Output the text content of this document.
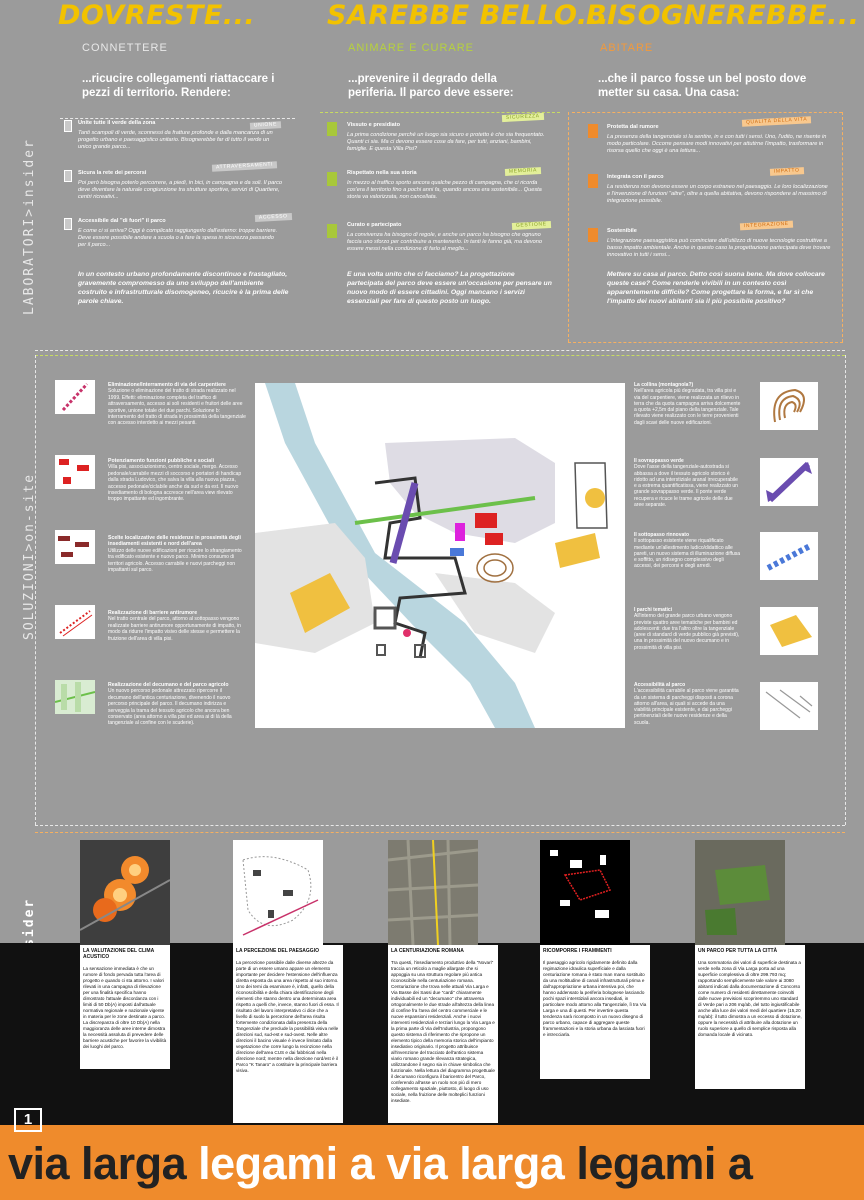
DOVRESTE...	SAREBBE BELLO...
BISOGNEREBBE...
CONNETTERE	ANIMARE E CURARE	ABITARE
...ricucire collegamenti riattaccare i pezzi di territorio. Rendere:
...prevenire il degrado della periferia. Il parco deve essere:
...che il parco fosse un bel posto dove metter su casa. Una casa:
Unite tutte il verde della zona
Tanti scampoli di verde, sconnessi da fratture profonde e dalla mancanza di un progetto urbano e paesaggistico unitario. Bisognerebbe far di tutto il verde un unico grande parco...
UNIONE
Sicura la rete dei percorsi
Poi però bisogna poterlo percorrere, a piedi, in bici, in campagna e da soli. Il parco deve diventare la naturale congiunzione tra strutture sportive, servizi di Quartiere, centri ricreativi...
ATTRAVERSAMENTI
Accessibile dal "di fuori" il parco
E come ci si arriva? Oggi è complicato raggiungerlo dall'esterno: troppe barriere. Deve essere possibile andare a scuola o a fare la spesa in sicurezza passando per il parco...
ACCESSO
In un contesto urbano profondamente discontinuo e frastagliato, gravemente compromesso da uno sviluppo dell'ambiente costruito e infrastrutturale disomogeneo, ricucire è la prima delle parole chiave.
Vissuto e presidiato
La prima condizione perché un luogo sia sicuro e protetto è che sia frequentato. Quanti ci sia. Ma ci devono essere cose da fare, per tutti, anziani, bambini, famiglie. E questa Villa Pisi?
SICUREZZA
Rispettato nella sua storia
In mezzo al traffico sporto ancora qualche pezzo di campagna, che ci ricorda cos'era il territorio fino a pochi anni fa, quando ancora era sostenibile... Questa storia va valorizzata, non cancellata.
MEMORIA
Curato e partecipato
La convivenza ha bisogno di regole, e anche un parco ha bisogno che ognuno faccia uno sforzo per contribuire a mantenerlo. In tanti le fanno già, ma devono essere messi nella condizione di farlo al meglio...
GESTIONE
E una volta unito che ci facciamo? La progettazione partecipata del parco deve essere un'occasione per pensare un nuovo modo di essere cittadini. Oggi mancano i servizi essenziali per fare di questo posto un luogo.
Protetta dal rumore
La presenza della tangenziale si la sentire, in e con tutti i sensi. Uno, l'udito, ne risente in modo particolare. Occorre pensare modi innovativi per attutirne l'impatto, trasformare in risorsa quello che oggi è una lettura...
QUALITÀ DELLA VITA
Integrata con il parco
La residenza non devono essere un corpo estraneo nel paesaggio. Le loro localizzazione e l'invenzione di funzioni "altre", oltre a quella abitativa, devono rispondere al massimo di integrazione possibile.
IMPATTO
Sostenibile
L'integrazione paesaggistica può cominciare dall'utilizzo di nuove tecnologie costruttive a basso impatto ambientale. Anche in questo caso la progettazione partecipata deve trovare innovativo in tutti i sensi...
INTEGRAZIONE
Mettere su casa al parco. Detto così suona bene. Ma dove collocare queste case? Come renderle vivibili in un contesto così apparentemente difficile? Come progettare la forma, e far sì che l'impatto dei nuovi abitanti sia il più possibile positivo?
LABORATORI>insider
SOLUZIONI>on-site
Eliminazione/Interramento di via del carpentiere
Soluzione o eliminazione del tratto di strada realizzato nel 1999. Effetti: eliminazione completa del traffico di attraversamento, accesso ai soli residenti e fruitori delle aree sportive, unione totale dei due parchi. Soluzione b: interramento del tratto di strada in prossimità della tangenziale con accesso interdetto ai mezzi pesanti.
Potenziamento funzioni pubbliche e sociali
Villa pisi, associazionismo, centro sociale, mergo. Accesso pedonale/carrabile mezzi di soccorso e portatori di handicap dalla strada Ludovico, che salva la villa alla nuova piazza, accesso pedonale/ciclabile anche da sud e da est. Il nuovo insediamento di bologna accresce nell'area view rilevato troppo impattante ed ingombrante.
Scelte localizzative delle residenze in prossimità degli insediamenti esistenti e nord dell'area
Utilizzo delle nuove edificazioni per ricucire lo sfrangiamento tra edificato esistente e nuovo parco. Minimo consumo di territori agricolo. Accesso carrabile e nuovi parcheggi non impattanti sul parco.
Realizzazione di barriere antirumore
Nel tratto centrale del parco, attorno al sottopasso vengono realizzate barriere antirumore opportunamente di impatto, in modo da ridurre l'impatto visivo delle stesse e permettere la fruizione dell'area di villa pisi.
Realizzazione del decumano e del parco agricolo
Un nuovo percorso pedonale attrezzato ripercorre il decumano dell'antica centuriazione, divenendo il nuovo percorso principale del parco. Il decumano indirizza e serveggia la trama del tessuto agricolo che ancora ben conservato (area attorno a villa pisi ed area ai di là della tangenziale al confine con le scuderie).
La collina (montagnola?)
Nell'area agricola più degradata, tra villa pisi e via del carpentiere, viene realizzata un rilievo in terra che da quota campagna arriva dolcemente a quota +2,5m dal piano della tangenziale. Tale rilevato viene realizzato con le terre provenienti dagli scavi delle nuove edificazioni.
Il sovrappasso verde
Dove l'asse della tangenziale-autostrada si abbassa a dove il tessuto agricolo storico è ridotto ad una interstiziale aranal irrecuperabile e a estrema quantificatissa, viene realizzato un grande sovrappasso verde. Il ponte verde recupera e ricuce le trame agricole delle due aree separate.
Il sottopasso rinnovato
Il sottopasso esistente viene riqualificato mediante un'allestimento ludico/didattico alle pareti, un nuovo sistema di illuminazione diffusa e soffitto, un ridisegno complessivo degli accessi, dei percorsi e degli arredi.
I parchi tematici
All'interno del grande parco urbano vengono previste quattro aree tematiche per bambini ed adolescenti: due tra l'altro oltre la tangenziale (aree di standard di verde pubblico già previsti), una in prossimità del nuovo decumano e in prossimità di villa pisi.
Accessibilità al parco
L'accessibilità carrabile al parco viene garantita da un sistema di parcheggi disposti a corona attorno all'area, ai quali si accede da una viabilità principale esistente, e dai parcheggi pertinenziali delle nuove residenze e della scuola.
LA VALUTAZIONE DEL CLIMA ACUSTICO
La sensazione immediata è che un rumore di fondo pervada tutta l'area di progetto e quando ci sta attorno. I valori rilevati in una campagna di rilevazione per una finalità specifica hanno dimostrato l'attuale discordanza con i limiti di 50 Db(A) imposti dall'attuale normativa regionale e nazionale vigente in materia per le zone destinate a parco. La discrepanza di oltre 10 Db(A) nella maggioranza delle aree interne dimostra la necessità assoluta di prevedere delle barriere acustiche per favorire la vivibilità dei luoghi del parco.
LA PERCEZIONE DEL PAESAGGIO
La percezione possibile dalle diverse altezze da parte di un essere umano appare un elemento importante per decidere l'estensione dell'influenza diretta esposta da una area rispetto al suo intorno. Uno dei temi da esaminare è, infatti, quello della riconoscibilità e della chiara identificazione degli elementi che stanno dentro una determinata area rispetto a quelli che, invece, stanno fuori di essa. Il risultato del lavoro interpretativo ci dice che a livello di suolo la percezione dell'area risulta fortemente condizionata dalla presenza della Tangenziale che preclude la possibilità visiva nelle direzioni sud, sud-est e sud-ovest. Nelle altre direzioni il bacino visuale è invece limitato dalla vegetazione che corre lungo la recinzione nella direzione dell'area CUS e dai fabbricati nella direzione nord; mentre nella direzione nord/est è il Parco "K Tanaro" a costituire la principale barriera visiva.
LA CENTURIAZIONE ROMANA
Tra questi, l'insediamento produttivo della "Novari" traccia un reticolo a maglie allargate che si appoggia su una struttura regolare più antica riconoscibile nella centuriazione romana. Centuriazione che trova nelle attuali Via Larga e Via Basse dei Sassi due "cardi" chiaramente individuabili ed un "decumano" che attraversa ortogonalmente le due strade all'altezza della linea di confine fra l'area del centro commerciale e le nuove espansioni residenziali. Anche i nuovi interventi residenziali e terziari lungo la Via Larga e la prima parte di Via dell'Industria, propongono questo sistema di riferimento che ripropone un elemento tipico della memoria storica dell'impianto insediativo originario. Il progetto attribuisce all'invenzione del tracciato dell'antico sistema viario romano grande rilevanza strategica, utilizzandone il segno sia in chiave simbolica che funzionale. Nella lettura del diagramma progettuale il decumano riconfigura il baricentro del Parco, conferendo all'asse un ruolo non più di mero collegamento spaziale, piuttosto, di luogo di uso sociale, nella fruizione delle molteplici funzioni insediate.
RICOMPORRE I FRAMMENTI
Il paesaggio agricolo rigidamente definito dalla regimazione idraulica superficiale e dalla centuriazione romana è stato man mano sostituito da una moltitudine di canali infrastrutturali prima e dall'appropriazione urbana intensiva poi, che hanno addensato la periferia bolognese lasciando pochi spazi interstiziali ancora insediati, in particolare modo attorno alla Tangenziale, lì tra Via Larga e una di questi. Per invertire questa tendenza sarà ricomposto in un nuovo disegno di parco urbano, capace di aggregare queste frammentazioni e la storia urbana da lasciata fuori e intrecciarla.
UN PARCO PER TUTTA LA CITTÀ
Una sommatoria dei valori di superficie destinata a verde nella zona di Via Larga porta ad una superficie complessiva di oltre 299.793 mq; rapportando semplicemente tale valore ai 3080 abitanti indicati dalla documentazione di Concorso come numero di residenti direttamente coinvolti dalle nuove previsioni scopriremmo uno standard di Verde pari a 206 mq/ab, del tutto ingiustificabile anche alla luce dei valori medi del quartiere (15,20 mq/ab): il tutto dimostra a un eccesso di dotazione, oppure la necessità di attribuire alla dotazione un ruolo superiore a quello di semplice risposta alla domanda locale di vicinato.
1
via larga legami a via larga legami a
